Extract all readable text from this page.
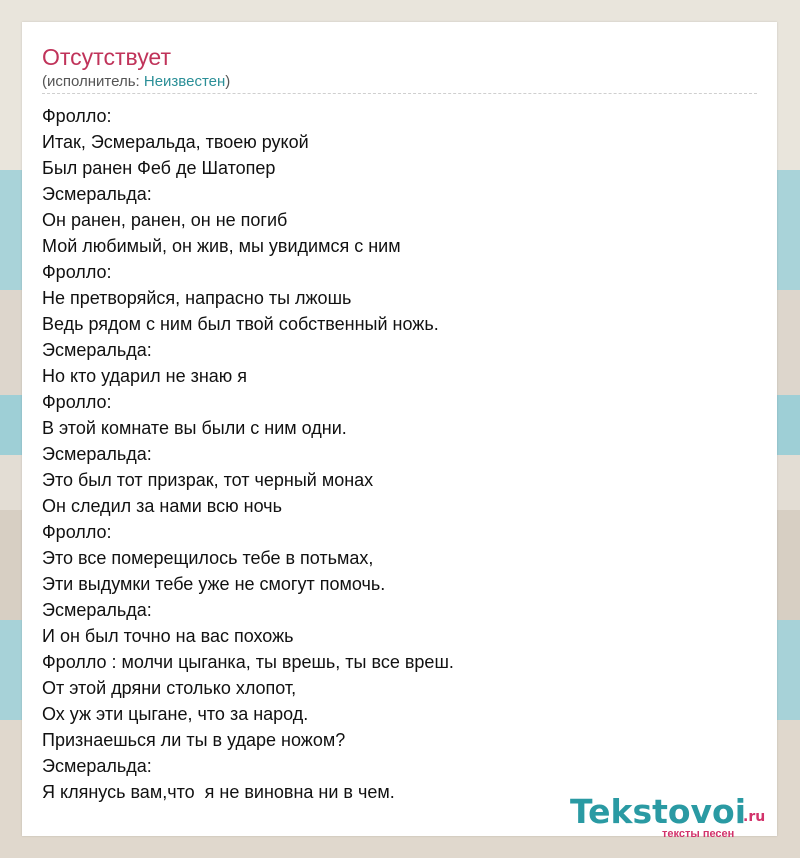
Отсутствует
(исполнитель: Неизвестен)
Фролло:
Итак, Эсмеральда, твоею рукой
Был ранен Феб де Шатопер
Эсмеральда:
Он ранен, ранен, он не погиб
Мой любимый, он жив, мы увидимся с ним
Фролло:
Не претворяйся, напрасно ты лжошь
Ведь рядом с ним был твой собственный ножь.
Эсмеральда:
Но кто ударил не знаю я
Фролло:
В этой комнате вы были с ним одни.
Эсмеральда:
Это был тот призрак, тот черный монах
Он следил за нами всю ночь
Фролло:
Это все померещилось тебе в потьмах,
Эти выдумки тебе уже не смогут помочь.
Эсмеральда:
И он был точно на вас похожь
Фролло : молчи цыганка, ты врешь, ты все вреш.
От этой дряни столько хлопот,
Ох уж эти цыгане, что за народ.
Признаешься ли ты в ударе ножом?
Эсмеральда:
Я клянусь вам,что  я не виновна ни в чем.	Tekstovoi
.ru
тексты песен
